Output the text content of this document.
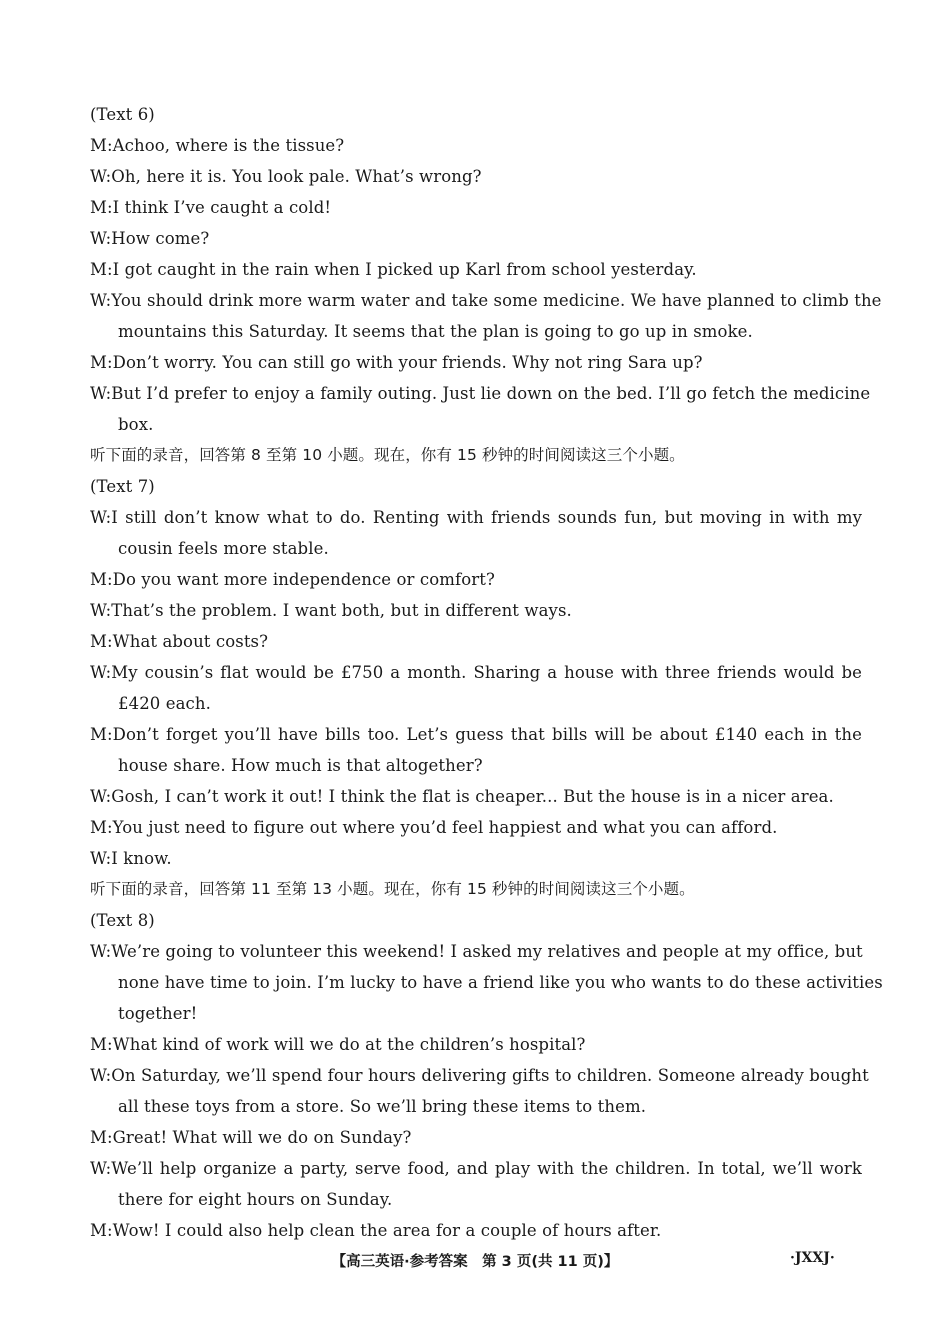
(Text 6)
M:Achoo, where is the tissue?
W:Oh, here it is. You look pale. What’s wrong?
M:I think I’ve caught a cold!
W:How come?
M:I got caught in the rain when I picked up Karl from school yesterday.
W:You should drink more warm water and take some medicine. We have planned to climb the
mountains this Saturday. It seems that the plan is going to go up in smoke.
M:Don’t worry. You can still go with your friends. Why not ring Sara up?
W:But I’d prefer to enjoy a family outing. Just lie down on the bed. I’ll go fetch the medicine
box.
听下面的录音，回答第 8 至第 10 小题。现在，你有 15 秒钟的时间阅读这三个小题。
(Text 7)
W:I still don’t know what to do. Renting with friends sounds fun, but moving in with my
cousin feels more stable.
M:Do you want more independence or comfort?
W:That’s the problem. I want both, but in different ways.
M:What about costs?
W:My cousin’s flat would be £750 a month. Sharing a house with three friends would be
£420 each.
M:Don’t forget you’ll have bills too. Let’s guess that bills will be about £140 each in the
house share. How much is that altogether?
W:Gosh, I can’t work it out! I think the flat is cheaper... But the house is in a nicer area.
M:You just need to figure out where you’d feel happiest and what you can afford.
W:I know.
听下面的录音，回答第 11 至第 13 小题。现在，你有 15 秒钟的时间阅读这三个小题。
(Text 8)
W:We’re going to volunteer this weekend! I asked my relatives and people at my office, but
none have time to join. I’m lucky to have a friend like you who wants to do these activities
together!
M:What kind of work will we do at the children’s hospital?
W:On Saturday, we’ll spend four hours delivering gifts to children. Someone already bought
all these toys from a store. So we’ll bring these items to them.
M:Great! What will we do on Sunday?
W:We’ll help organize a party, serve food, and play with the children. In total, we’ll work
there for eight hours on Sunday.
M:Wow! I could also help clean the area for a couple of hours after.
【高三英语·参考答案　第 3 页(共 11 页)】	·JXXJ·
